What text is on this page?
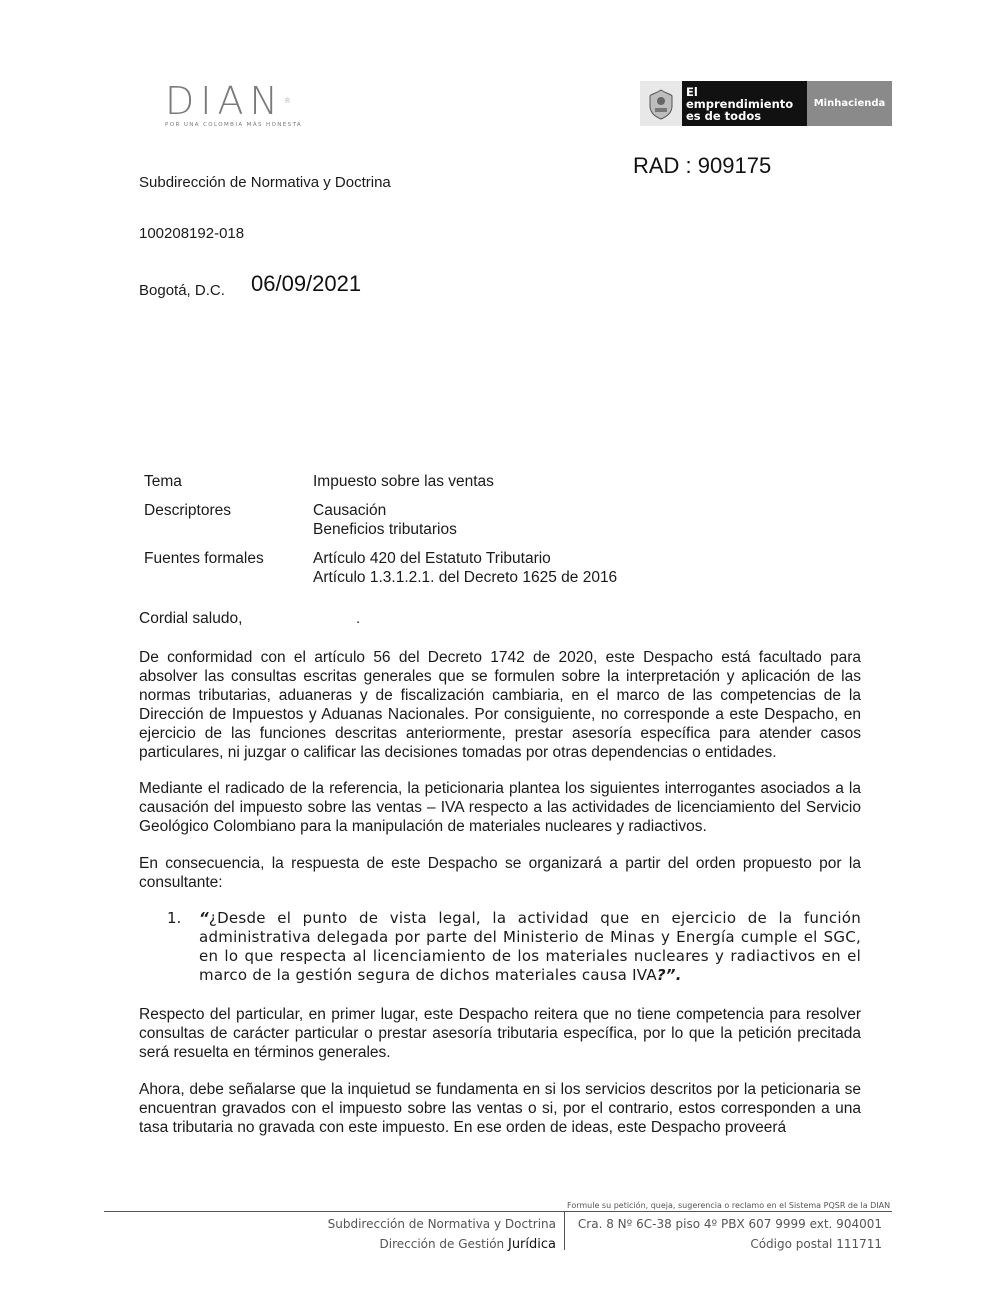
DIAN®
POR UNA COLOMBIA MÁS HONESTA
El emprendimiento
es de todos
Minhacienda
RAD : 909175
Subdirección de Normativa y Doctrina
100208192-018
Bogotá, D.C. 06/09/2021
Tema	Impuesto sobre las ventas
Descriptores	Causación
Beneficios tributarios
Fuentes formales	Artículo 420 del Estatuto Tributario
Artículo 1.3.1.2.1. del Decreto 1625 de 2016
Cordial saludo,	.
De conformidad con el artículo 56 del Decreto 1742 de 2020, este Despacho está facultado para absolver las consultas escritas generales que se formulen sobre la interpretación y aplicación de las normas tributarias, aduaneras y de fiscalización cambiaria, en el marco de las competencias de la Dirección de Impuestos y Aduanas Nacionales. Por consiguiente, no corresponde a este Despacho, en ejercicio de las funciones descritas anteriormente, prestar asesoría específica para atender casos particulares, ni juzgar o calificar las decisiones tomadas por otras dependencias o entidades.
Mediante el radicado de la referencia, la peticionaria plantea los siguientes interrogantes asociados a la causación del impuesto sobre las ventas – IVA respecto a las actividades de licenciamiento del Servicio Geológico Colombiano para la manipulación de materiales nucleares y radiactivos.
En consecuencia, la respuesta de este Despacho se organizará a partir del orden propuesto por la consultante:
1.	“¿Desde el punto de vista legal, la actividad que en ejercicio de la función administrativa delegada por parte del Ministerio de Minas y Energía cumple el SGC, en lo que respecta al licenciamiento de los materiales nucleares y radiactivos en el marco de la gestión segura de dichos materiales causa IVA?”.
Respecto del particular, en primer lugar, este Despacho reitera que no tiene competencia para resolver consultas de carácter particular o prestar asesoría tributaria específica, por lo que la petición precitada será resuelta en términos generales.
Ahora, debe señalarse que la inquietud se fundamenta en si los servicios descritos por la peticionaria se encuentran gravados con el impuesto sobre las ventas o si, por el contrario, estos corresponden a una tasa tributaria no gravada con este impuesto. En ese orden de ideas, este Despacho proveerá
Formule su petición, queja, sugerencia o reclamo en el Sistema PQSR de la DIAN
Subdirección de Normativa y Doctrina
Dirección de Gestión Jurídica
Cra. 8 Nº 6C-38 piso 4º PBX 607 9999 ext. 904001
Código postal 111711
